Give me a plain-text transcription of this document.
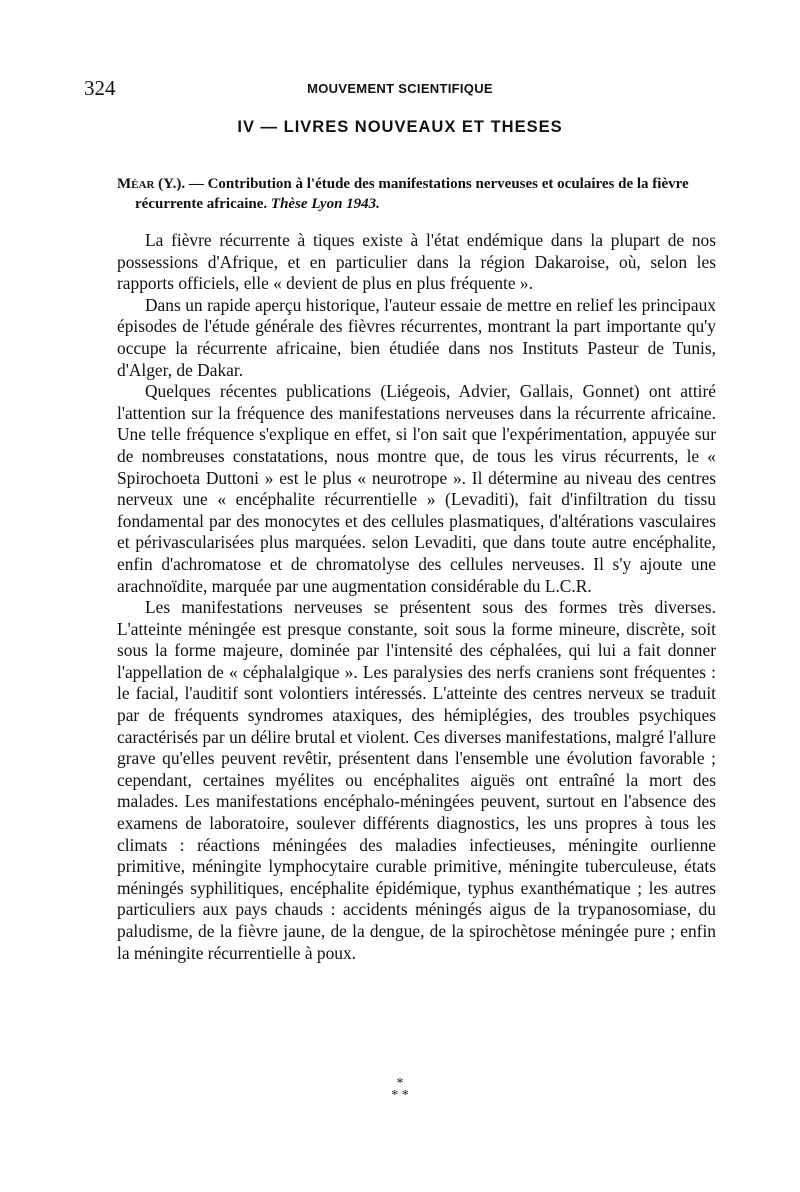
324	MOUVEMENT SCIENTIFIQUE
IV — LIVRES NOUVEAUX ET THESES
Méar (Y.). — Contribution à l'étude des manifestations nerveuses et oculaires de la fièvre récurrente africaine. Thèse Lyon 1943.

La fièvre récurrente à tiques existe à l'état endémique dans la plupart de nos possessions d'Afrique, et en particulier dans la région Dakaroise, où, selon les rapports officiels, elle « devient de plus en plus fréquente ».

Dans un rapide aperçu historique, l'auteur essaie de mettre en relief les principaux épisodes de l'étude générale des fièvres récurrentes, montrant la part importante qu'y occupe la récurrente africaine, bien étudiée dans nos Instituts Pasteur de Tunis, d'Alger, de Dakar.

Quelques récentes publications (Liégeois, Advier, Gallais, Gonnet) ont attiré l'attention sur la fréquence des manifestations nerveuses dans la récurrente africaine. Une telle fréquence s'explique en effet, si l'on sait que l'expérimentation, appuyée sur de nombreuses constatations, nous montre que, de tous les virus récurrents, le « Spirochoeta Duttoni » est le plus « neurotrope ». Il détermine au niveau des centres nerveux une « encéphalite récurrentielle » (Levaditi), fait d'infiltration du tissu fondamental par des monocytes et des cellules plasmatiques, d'altérations vasculaires et périvascularisées plus marquées. selon Levaditi, que dans toute autre encéphalite, enfin d'achromatose et de chromatolyse des cellules nerveuses. Il s'y ajoute une arachnoïdite, marquée par une augmentation considérable du L.C.R.

Les manifestations nerveuses se présentent sous des formes très diverses. L'atteinte méningée est presque constante, soit sous la forme mineure, discrète, soit sous la forme majeure, dominée par l'intensité des céphalées, qui lui a fait donner l'appellation de « céphalalgique ». Les paralysies des nerfs craniens sont fréquentes : le facial, l'auditif sont volontiers intéressés. L'atteinte des centres nerveux se traduit par de fréquents syndromes ataxiques, des hémiplégies, des troubles psychiques caractérisés par un délire brutal et violent. Ces diverses manifestations, malgré l'allure grave qu'elles peuvent revêtir, présentent dans l'ensemble une évolution favorable ; cependant, certaines myélites ou encéphalites aiguës ont entraîné la mort des malades. Les manifestations encéphalo-méningées peuvent, surtout en l'absence des examens de laboratoire, soulever différents diagnostics, les uns propres à tous les climats : réactions méningées des maladies infectieuses, méningite ourlienne primitive, méningite lymphocytaire curable primitive, méningite tuberculeuse, états méningés syphilitiques, encéphalite épidémique, typhus exanthématique ; les autres particuliers aux pays chauds : accidents méningés aigus de la trypanosomiase, du paludisme, de la fièvre jaune, de la dengue, de la spirochètose méningée pure ; enfin la méningite récurrentielle à poux.

*
* *
